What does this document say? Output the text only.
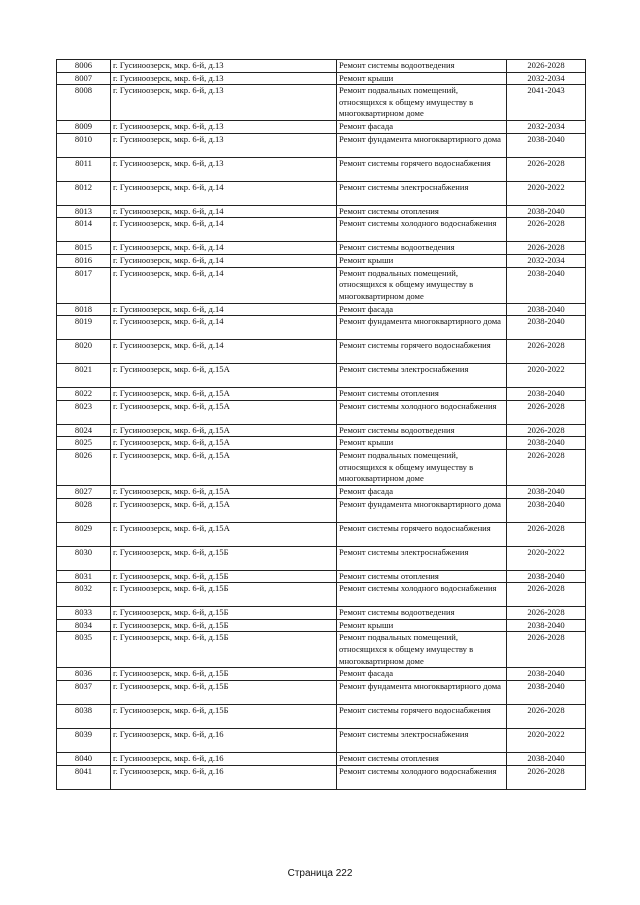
8006	г. Гусиноозерск, мкр. 6-й, д.13	Ремонт системы водоотведения	2026-2028
8007	г. Гусиноозерск, мкр. 6-й, д.13	Ремонт крыши	2032-2034
8008	г. Гусиноозерск, мкр. 6-й, д.13	Ремонт подвальных помещений, относящихся к общему имуществу в многоквартирном доме	2041-2043
8009	г. Гусиноозерск, мкр. 6-й, д.13	Ремонт фасада	2032-2034
8010	г. Гусиноозерск, мкр. 6-й, д.13	Ремонт фундамента многоквартирного дома	2038-2040
8011	г. Гусиноозерск, мкр. 6-й, д.13	Ремонт системы горячего водоснабжения	2026-2028
8012	г. Гусиноозерск, мкр. 6-й, д.14	Ремонт системы электроснабжения	2020-2022
8013	г. Гусиноозерск, мкр. 6-й, д.14	Ремонт системы отопления	2038-2040
8014	г. Гусиноозерск, мкр. 6-й, д.14	Ремонт системы холодного водоснабжения	2026-2028
8015	г. Гусиноозерск, мкр. 6-й, д.14	Ремонт системы водоотведения	2026-2028
8016	г. Гусиноозерск, мкр. 6-й, д.14	Ремонт крыши	2032-2034
8017	г. Гусиноозерск, мкр. 6-й, д.14	Ремонт подвальных помещений, относящихся к общему имуществу в многоквартирном доме	2038-2040
8018	г. Гусиноозерск, мкр. 6-й, д.14	Ремонт фасада	2038-2040
8019	г. Гусиноозерск, мкр. 6-й, д.14	Ремонт фундамента многоквартирного дома	2038-2040
8020	г. Гусиноозерск, мкр. 6-й, д.14	Ремонт системы горячего водоснабжения	2026-2028
8021	г. Гусиноозерск, мкр. 6-й, д.15А	Ремонт системы электроснабжения	2020-2022
8022	г. Гусиноозерск, мкр. 6-й, д.15А	Ремонт системы отопления	2038-2040
8023	г. Гусиноозерск, мкр. 6-й, д.15А	Ремонт системы холодного водоснабжения	2026-2028
8024	г. Гусиноозерск, мкр. 6-й, д.15А	Ремонт системы водоотведения	2026-2028
8025	г. Гусиноозерск, мкр. 6-й, д.15А	Ремонт крыши	2038-2040
8026	г. Гусиноозерск, мкр. 6-й, д.15А	Ремонт подвальных помещений, относящихся к общему имуществу в многоквартирном доме	2026-2028
8027	г. Гусиноозерск, мкр. 6-й, д.15А	Ремонт фасада	2038-2040
8028	г. Гусиноозерск, мкр. 6-й, д.15А	Ремонт фундамента многоквартирного дома	2038-2040
8029	г. Гусиноозерск, мкр. 6-й, д.15А	Ремонт системы горячего водоснабжения	2026-2028
8030	г. Гусиноозерск, мкр. 6-й, д.15Б	Ремонт системы электроснабжения	2020-2022
8031	г. Гусиноозерск, мкр. 6-й, д.15Б	Ремонт системы отопления	2038-2040
8032	г. Гусиноозерск, мкр. 6-й, д.15Б	Ремонт системы холодного водоснабжения	2026-2028
8033	г. Гусиноозерск, мкр. 6-й, д.15Б	Ремонт системы водоотведения	2026-2028
8034	г. Гусиноозерск, мкр. 6-й, д.15Б	Ремонт крыши	2038-2040
8035	г. Гусиноозерск, мкр. 6-й, д.15Б	Ремонт подвальных помещений, относящихся к общему имуществу в многоквартирном доме	2026-2028
8036	г. Гусиноозерск, мкр. 6-й, д.15Б	Ремонт фасада	2038-2040
8037	г. Гусиноозерск, мкр. 6-й, д.15Б	Ремонт фундамента многоквартирного дома	2038-2040
8038	г. Гусиноозерск, мкр. 6-й, д.15Б	Ремонт системы горячего водоснабжения	2026-2028
8039	г. Гусиноозерск, мкр. 6-й, д.16	Ремонт системы электроснабжения	2020-2022
8040	г. Гусиноозерск, мкр. 6-й, д.16	Ремонт системы отопления	2038-2040
8041	г. Гусиноозерск, мкр. 6-й, д.16	Ремонт системы холодного водоснабжения	2026-2028
Страница 222
